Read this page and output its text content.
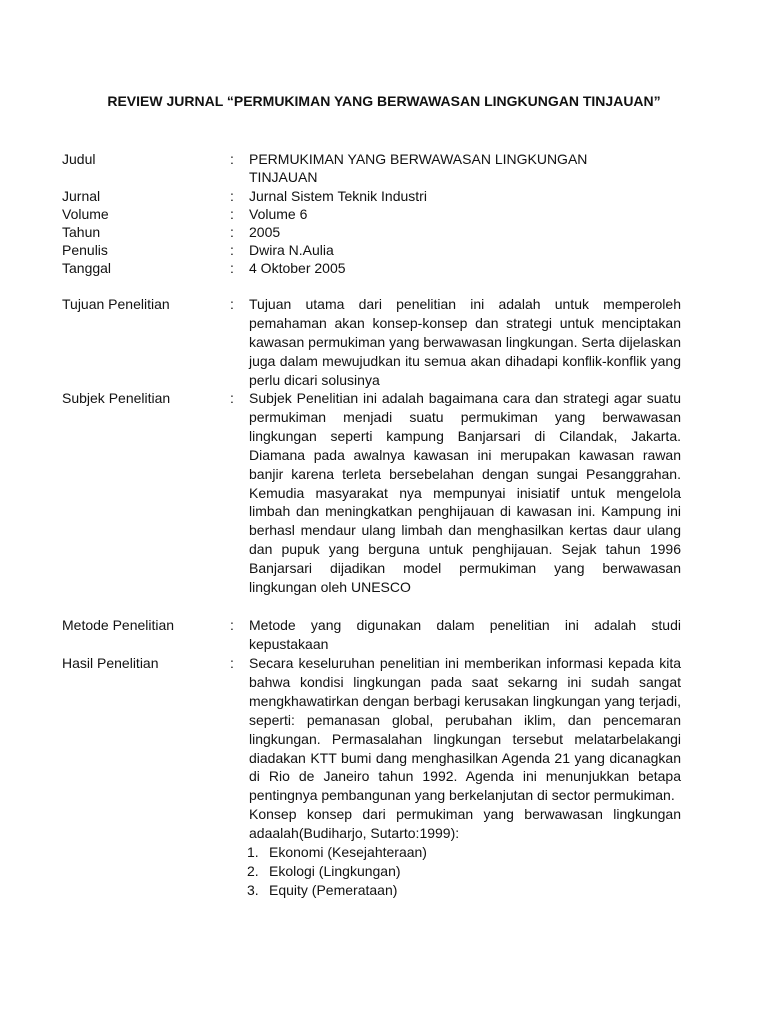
REVIEW JURNAL “PERMUKIMAN YANG BERWAWASAN LINGKUNGAN TINJAUAN”
Judul	: PERMUKIMAN YANG BERWAWASAN LINGKUNGAN TINJAUAN
Jurnal	: Jurnal Sistem Teknik Industri
Volume	: Volume 6
Tahun	: 2005
Penulis	: Dwira N.Aulia
Tanggal	: 4 Oktober 2005
Tujuan Penelitian	: Tujuan utama dari penelitian ini adalah untuk memperoleh pemahaman akan konsep-konsep dan strategi untuk menciptakan kawasan permukiman yang berwawasan lingkungan. Serta dijelaskan juga dalam mewujudkan itu semua akan dihadapi konflik-konflik yang perlu dicari solusinya
Subjek Penelitian	: Subjek Penelitian ini adalah bagaimana cara dan strategi agar suatu permukiman menjadi suatu permukiman yang berwawasan lingkungan seperti kampung Banjarsari di Cilandak, Jakarta. Diamana pada awalnya kawasan ini merupakan kawasan rawan banjir karena terleta bersebelahan dengan sungai Pesanggrahan. Kemudia masyarakat nya mempunyai inisiatif untuk mengelola limbah dan meningkatkan penghijauan di kawasan ini. Kampung ini berhasl mendaur ulang limbah dan menghasilkan kertas daur ulang dan pupuk yang berguna untuk penghijauan. Sejak tahun 1996 Banjarsari dijadikan model permukiman yang berwawasan lingkungan oleh UNESCO
Metode Penelitian	: Metode yang digunakan dalam penelitian ini adalah studi kepustakaan
Hasil Penelitian	: Secara keseluruhan penelitian ini memberikan informasi kepada kita bahwa kondisi lingkungan pada saat sekarng ini sudah sangat mengkhawatirkan dengan berbagi kerusakan lingkungan yang terjadi, seperti: pemanasan global, perubahan iklim, dan pencemaran lingkungan. Permasalahan lingkungan tersebut melatarbelakangi diadakan KTT bumi dang menghasilkan Agenda 21 yang dicanagkan di Rio de Janeiro tahun 1992. Agenda ini menunjukkan betapa pentingnya pembangunan yang berkelanjutan di sector permukiman.
Konsep konsep dari permukiman yang berwawasan lingkungan adaalah(Budiharjo, Sutarto:1999):
1. Ekonomi (Kesejahteraan)
2. Ekologi (Lingkungan)
3. Equity (Pemerataan)
